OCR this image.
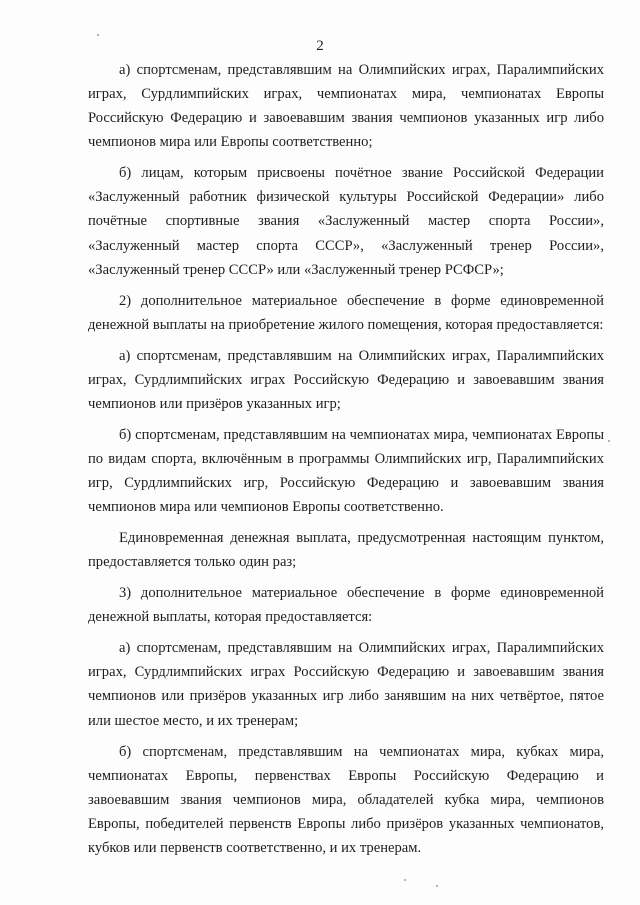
2

а) спортсменам, представлявшим на Олимпийских играх, Паралимпийских играх, Сурдлимпийских играх, чемпионатах мира, чемпионатах Европы Российскую Федерацию и завоевавшим звания чемпионов указанных игр либо чемпионов мира или Европы соответственно;

б) лицам, которым присвоены почётное звание Российской Федерации «Заслуженный работник физической культуры Российской Федерации» либо почётные спортивные звания «Заслуженный мастер спорта России», «Заслуженный мастер спорта СССР», «Заслуженный тренер России», «Заслуженный тренер СССР» или «Заслуженный тренер РСФСР»;

2) дополнительное материальное обеспечение в форме единовременной денежной выплаты на приобретение жилого помещения, которая предоставляется:

а) спортсменам, представлявшим на Олимпийских играх, Паралимпийских играх, Сурдлимпийских играх Российскую Федерацию и завоевавшим звания чемпионов или призёров указанных игр;

б) спортсменам, представлявшим на чемпионатах мира, чемпионатах Европы по видам спорта, включённым в программы Олимпийских игр, Паралимпийских игр, Сурдлимпийских игр, Российскую Федерацию и завоевавшим звания чемпионов мира или чемпионов Европы соответственно.

Единовременная денежная выплата, предусмотренная настоящим пунктом, предоставляется только один раз;

3) дополнительное материальное обеспечение в форме единовременной денежной выплаты, которая предоставляется:

а) спортсменам, представлявшим на Олимпийских играх, Паралимпийских играх, Сурдлимпийских играх Российскую Федерацию и завоевавшим звания чемпионов или призёров указанных игр либо занявшим на них четвёртое, пятое или шестое место, и их тренерам;

б) спортсменам, представлявшим на чемпионатах мира, кубках мира, чемпионатах Европы, первенствах Европы Российскую Федерацию и завоевавшим звания чемпионов мира, обладателей кубка мира, чемпионов Европы, победителей первенств Европы либо призёров указанных чемпионатов, кубков или первенств соответственно, и их тренерам.
